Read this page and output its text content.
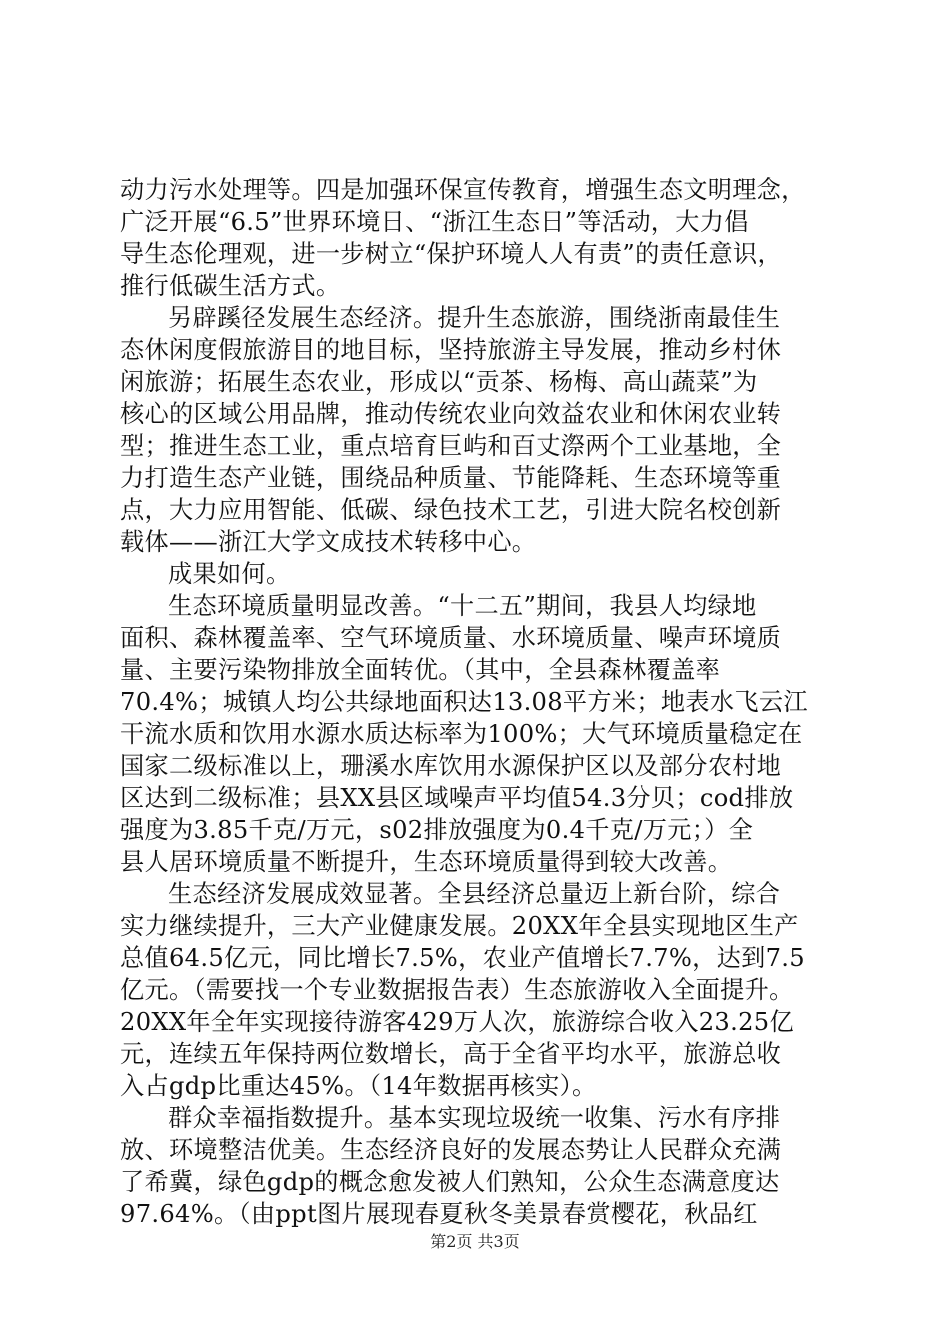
动力污水处理等。四是加强环保宣传教育，增强生态文明理念，
广泛开展“6.5”世界环境日、“浙江生态日”等活动，大力倡
导生态伦理观，进一步树立“保护环境人人有责”的责任意识，
推行低碳生活方式。
另辟蹊径发展生态经济。提升生态旅游，围绕浙南最佳生
态休闲度假旅游目的地目标，坚持旅游主导发展，推动乡村休
闲旅游；拓展生态农业，形成以“贡茶、杨梅、高山蔬菜”为
核心的区域公用品牌，推动传统农业向效益农业和休闲农业转
型；推进生态工业，重点培育巨屿和百丈漈两个工业基地，全
力打造生态产业链，围绕品种质量、节能降耗、生态环境等重
点，大力应用智能、低碳、绿色技术工艺，引进大院名校创新
载体——浙江大学文成技术转移中心。
成果如何。
生态环境质量明显改善。“十二五”期间，我县人均绿地
面积、森林覆盖率、空气环境质量、水环境质量、噪声环境质
量、主要污染物排放全面转优。（其中，全县森林覆盖率
70.4%；城镇人均公共绿地面积达13.08平方米；地表水飞云江
干流水质和饮用水源水质达标率为100%；大气环境质量稳定在
国家二级标准以上，珊溪水库饮用水源保护区以及部分农村地
区达到二级标准；县XX县区域噪声平均值54.3分贝；cod排放
强度为3.85千克/万元，s02排放强度为0.4千克/万元；）全
县人居环境质量不断提升，生态环境质量得到较大改善。
生态经济发展成效显著。全县经济总量迈上新台阶，综合
实力继续提升，三大产业健康发展。20XX年全县实现地区生产
总值64.5亿元，同比增长7.5%，农业产值增长7.7%，达到7.5
亿元。（需要找一个专业数据报告表）生态旅游收入全面提升。
20XX年全年实现接待游客429万人次，旅游综合收入23.25亿
元，连续五年保持两位数增长，高于全省平均水平，旅游总收
入占gdp比重达45%。（14年数据再核实）。
群众幸福指数提升。基本实现垃圾统一收集、污水有序排
放、环境整洁优美。生态经济良好的发展态势让人民群众充满
了希冀，绿色gdp的概念愈发被人们熟知，公众生态满意度达
97.64%。（由ppt图片展现春夏秋冬美景春赏樱花，秋品红
第2页 共3页
